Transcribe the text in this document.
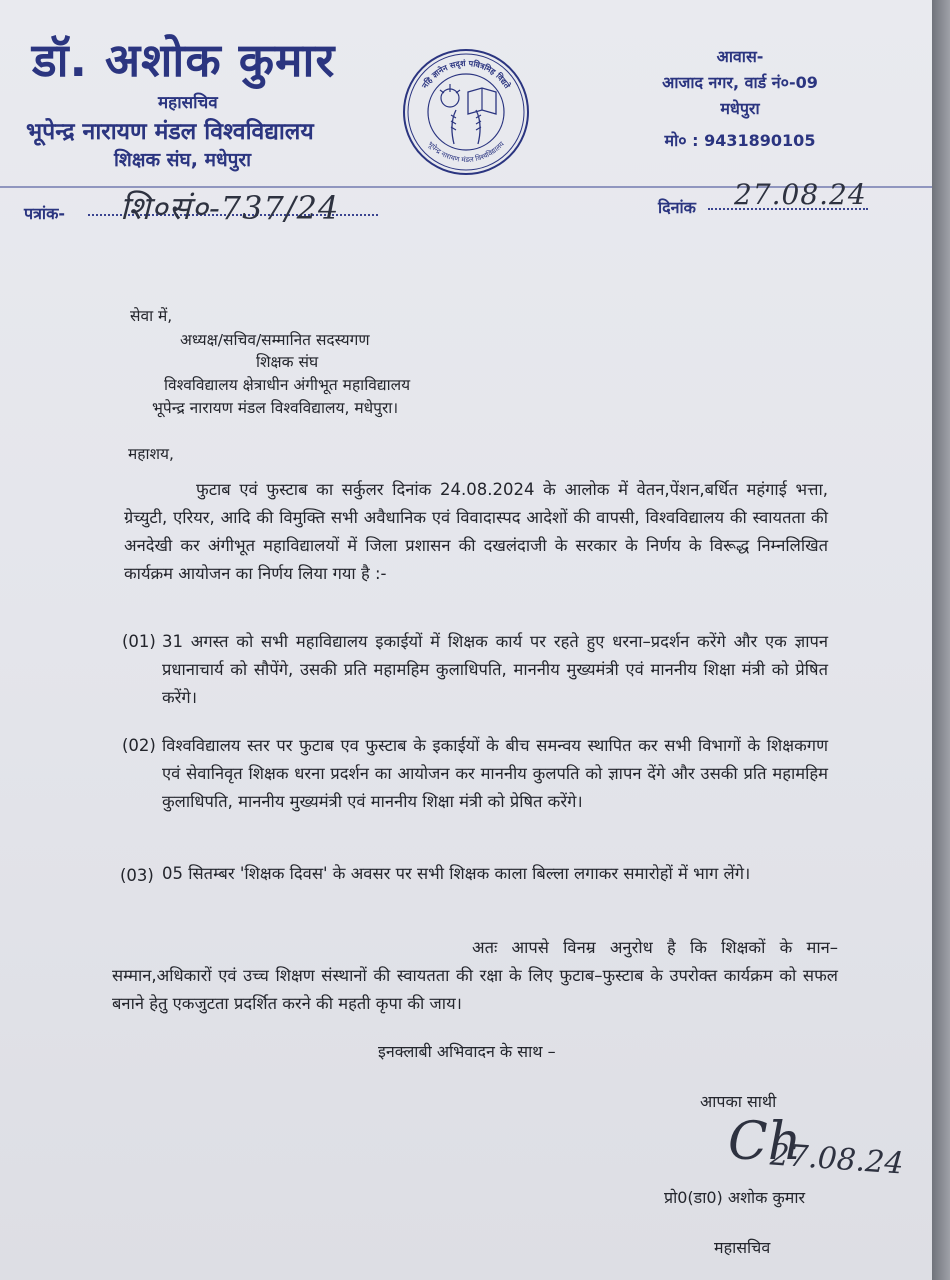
डॉ. अशोक कुमार
महासचिव
भूपेन्द्र नारायण मंडल विश्वविद्यालय
शिक्षक संघ, मधेपुरा
नहि ज्ञानेन सदृशं पवित्रमिह विद्यते
भूपेन्द्र नारायण मंडल विश्वविद्यालय
आवास-
आजाद नगर, वार्ड नं०-09
मधेपुरा
मो० : 9431890105
पत्रांक- शि०सं०-737/24	दिनांक 27.08.24
सेवा में,
अध्यक्ष/सचिव/सम्मानित सदस्यगण
शिक्षक संघ
विश्वविद्यालय क्षेत्राधीन अंगीभूत महाविद्यालय
भूपेन्द्र नारायण मंडल विश्वविद्यालय, मधेपुरा।
महाशय,
फुटाब एवं फुस्टाब का सर्कुलर दिनांक 24.08.2024 के आलोक में वेतन,पेंशन,बर्धित महंगाई भत्ता, ग्रेच्युटी, एरियर, आदि की विमुक्ति सभी अवैधानिक एवं विवादास्पद आदेशों की वापसी, विश्वविद्यालय की स्वायतता की अनदेखी कर अंगीभूत महाविद्यालयों में जिला प्रशासन की दखलंदाजी के सरकार के निर्णय के विरूद्ध निम्नलिखित कार्यक्रम आयोजन का निर्णय लिया गया है :-
(01) 31 अगस्त को सभी महाविद्यालय इकाईयों में शिक्षक कार्य पर रहते हुए धरना–प्रदर्शन करेंगे और एक ज्ञापन प्रधानाचार्य को सौपेंगे, उसकी प्रति महामहिम कुलाधिपति, माननीय मुख्यमंत्री एवं माननीय शिक्षा मंत्री को प्रेषित करेंगे।
(02) विश्वविद्यालय स्तर पर फुटाब एव फुस्टाब के इकाईयों के बीच समन्वय स्थापित कर सभी विभागों के शिक्षकगण एवं सेवानिवृत शिक्षक धरना प्रदर्शन का आयोजन कर माननीय कुलपति को ज्ञापन देंगे और उसकी प्रति महामहिम कुलाधिपति, माननीय मुख्यमंत्री एवं माननीय शिक्षा मंत्री को प्रेषित करेंगे।
(03) 05 सितम्बर 'शिक्षक दिवस' के अवसर पर सभी शिक्षक काला बिल्ला लगाकर समारोहों में भाग लेंगे।
अतः आपसे विनम्र अनुरोध है कि शिक्षकों के मान–सम्मान,अधिकारों एवं उच्च शिक्षण संस्थानों की स्वायतता की रक्षा के लिए फुटाब–फुस्टाब के उपरोक्त कार्यक्रम को सफल बनाने हेतु एकजुटता प्रदर्शित करने की महती कृपा की जाय।
इनक्लाबी अभिवादन के साथ –
आपका साथी
Ch
27.08.24
प्रो0(डा0) अशोक कुमार
महासचिव
